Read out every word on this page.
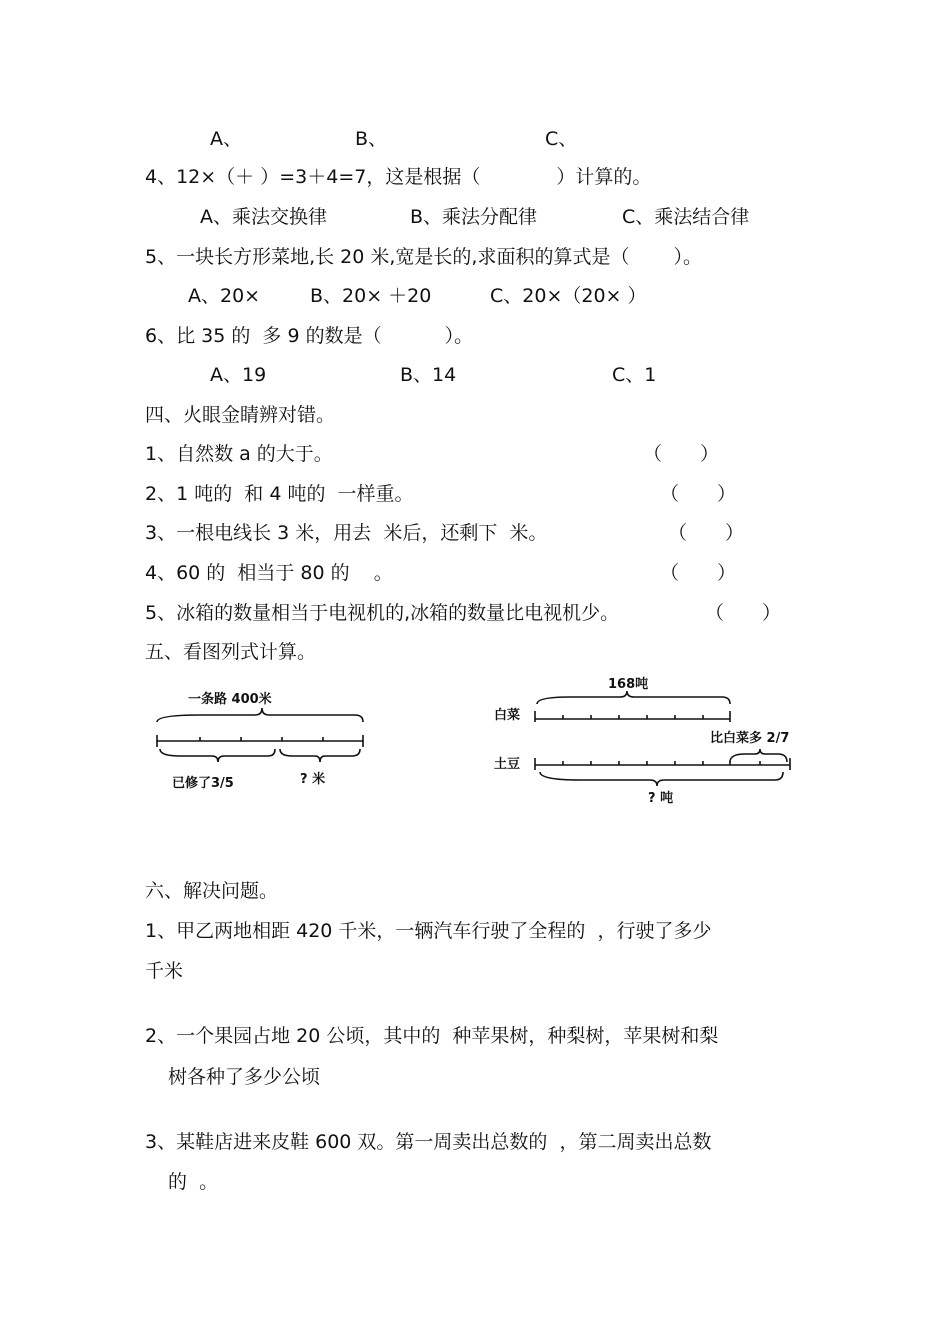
A、	B、	C、
4、12×（＋ ）=3＋4=7，这是根据（　　　　）计算的。
A、乘法交换律	B、乘法分配律	C、乘法结合律
5、一块长方形菜地,长 20 米,宽是长的,求面积的算式是（　　 ）。
A、20×	B、20× ＋20	C、20×（20× ）
6、比 35 的  多 9 的数是（　　　 ）。
A、19	B、14	C、1
四、火眼金睛辨对错。
1、自然数 a 的大于。	（　　）
2、1 吨的  和 4 吨的  一样重。	（　　）
3、一根电线长 3 米，用去  米后，还剩下  米。	（　　）
4、60 的  相当于 80 的    。	（　　）
5、冰箱的数量相当于电视机的,冰箱的数量比电视机少。	（　　）
五、看图列式计算。
一条路 400米
已修了3/5	? 米
168吨
白菜
比白菜多 2/7
土豆
? 吨
六、解决问题。
1、甲乙两地相距 420 千米，一辆汽车行驶了全程的  ，行驶了多少
千米
2、一个果园占地 20 公顷，其中的  种苹果树，种梨树，苹果树和梨
树各种了多少公顷
3、某鞋店进来皮鞋 600 双。第一周卖出总数的  ，第二周卖出总数
的  。
